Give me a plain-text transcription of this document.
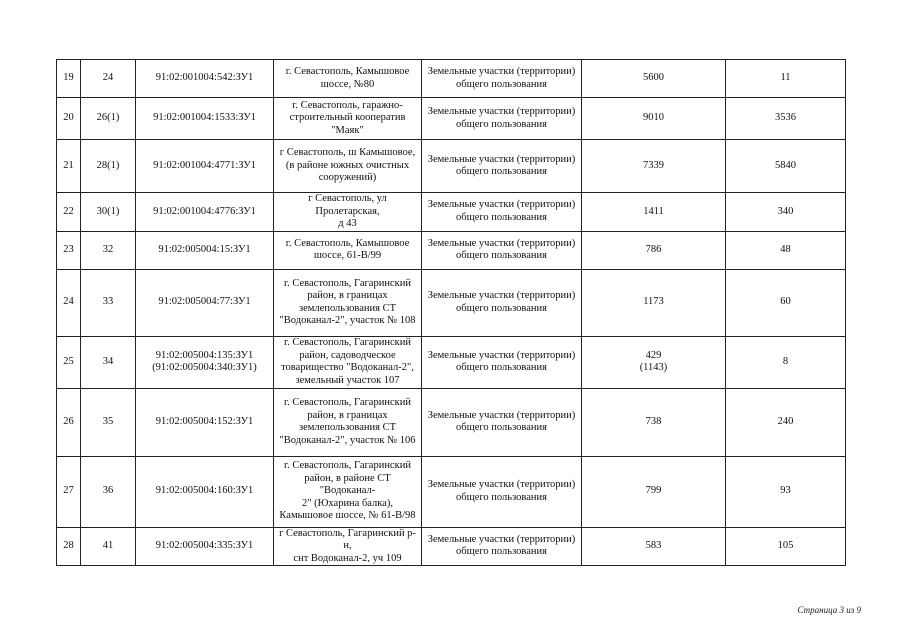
19	24	91:02:001004:542:ЗУ1	г. Севастополь, Камышовое
шоссе, №80	Земельные участки (территории)
общего пользования	5600	11
20	26(1)	91:02:001004:1533:ЗУ1	г. Севастополь, гаражно-
строительный кооператив
"Маяк"	Земельные участки (территории)
общего пользования	9010	3536
21	28(1)	91:02:001004:4771:ЗУ1	г Севастополь, ш Камышовое,
(в районе южных очистных
сооружений)	Земельные участки (территории)
общего пользования	7339	5840
22	30(1)	91:02:001004:4776:ЗУ1	г Севастополь, ул Пролетарская,
д 43	Земельные участки (территории)
общего пользования	1411	340
23	32	91:02:005004:15:ЗУ1	г. Севастополь, Камышовое
шоссе, 61-В/99	Земельные участки (территории)
общего пользования	786	48
24	33	91:02:005004:77:ЗУ1	г. Севастополь, Гагаринский
район, в границах
землепользования СТ
"Водоканал-2", участок № 108	Земельные участки (территории)
общего пользования	1173	60
25	34	91:02:005004:135:ЗУ1
(91:02:005004:340:ЗУ1)	г. Севастополь, Гагаринский
район, садоводческое
товарищество "Водоканал-2",
земельный участок 107	Земельные участки (территории)
общего пользования	429
(1143)	8
26	35	91:02:005004:152:ЗУ1	г. Севастополь, Гагаринский
район, в границах
землепользования СТ
"Водоканал-2", участок № 106	Земельные участки (территории)
общего пользования	738	240
27	36	91:02:005004:160:ЗУ1	г. Севастополь, Гагаринский
район, в районе СТ "Водоканал-
2" (Юхарина балка),
Камышовое шоссе, № 61-В/98	Земельные участки (территории)
общего пользования	799	93
28	41	91:02:005004:335:ЗУ1	г Севастополь, Гагаринский р-н,
снт Водоканал-2, уч 109	Земельные участки (территории)
общего пользования	583	105
Страница 3 из 9
